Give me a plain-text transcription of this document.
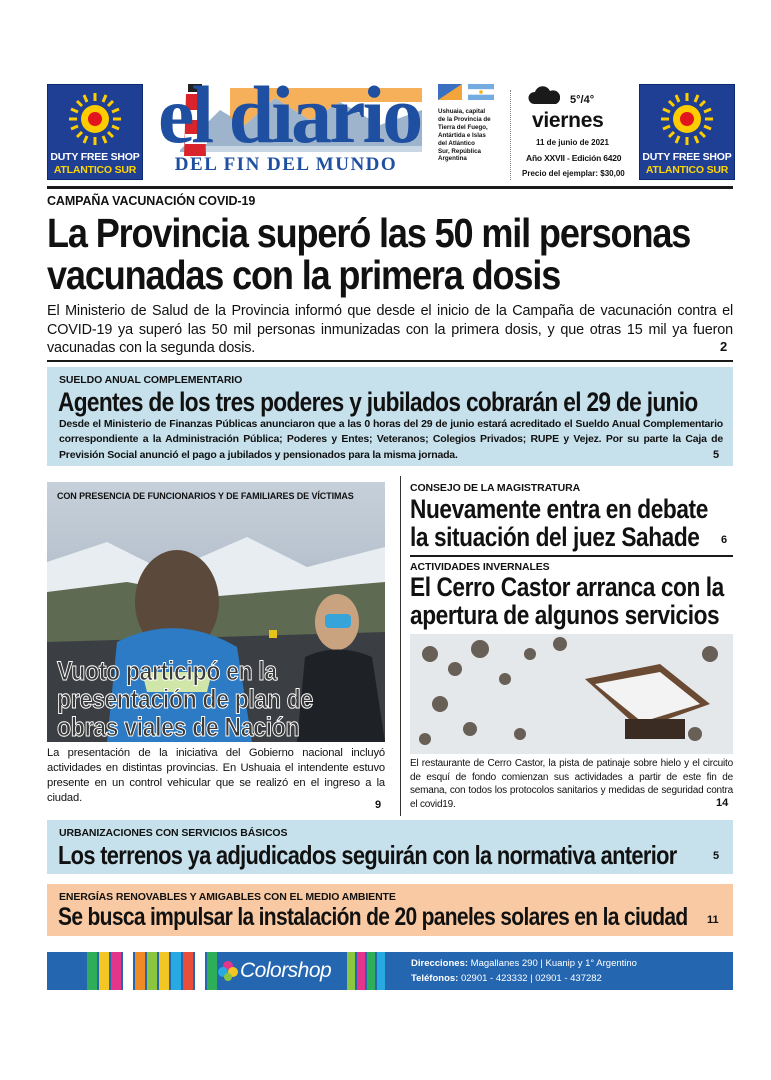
DUTY FREE SHOP
ATLANTICO SUR
el diario
DEL FIN DEL MUNDO
Ushuaia, capital
de la Provincia de
Tierra del Fuego,
Antártida e Islas
del Atlántico
Sur, República
Argentina
5°/4°
viernes
11 de junio de 2021
Año XXVII - Edición 6420
Precio del ejemplar: $30,00
DUTY FREE SHOP
ATLANTICO SUR
CAMPAÑA VACUNACIÓN COVID-19
La Provincia superó las 50 mil personas
vacunadas con la primera dosis
El Ministerio de Salud de la Provincia informó que desde el inicio de la Campaña de vacunación contra el COVID-19 ya superó las 50 mil personas inmunizadas con la primera dosis, y que otras 15 mil ya fueron vacunadas con la segunda dosis.	2
SUELDO ANUAL COMPLEMENTARIO
Agentes de los tres poderes y jubilados cobrarán el 29 de junio
Desde el Ministerio de Finanzas Públicas anunciaron que a las 0 horas del 29 de junio estará acreditado el Sueldo Anual Complementario correspondiente a la Administración Pública; Poderes y Entes; Veteranos; Colegios Privados; RUPE y Vejez. Por su parte la Caja de Previsión Social anunció el pago a jubilados y pensionados para la misma jornada.	5
CON PRESENCIA DE FUNCIONARIOS Y DE FAMILIARES DE VÍCTIMAS
Vuoto participó en la
presentación de plan de
obras viales de Nación
La presentación de la iniciativa del Gobierno nacional incluyó actividades en distintas provincias. En Ushuaia el intendente estuvo presente en un control vehicular que se realizó en el ingreso a la ciudad.
9
CONSEJO DE LA MAGISTRATURA
Nuevamente entra en debate
la situación del juez Sahade 6
ACTIVIDADES INVERNALES
El Cerro Castor arranca con la
apertura de algunos servicios
El restaurante de Cerro Castor, la pista de patinaje sobre hielo y el circuito de esquí de fondo comienzan sus actividades a partir de este fin de semana, con todos los protocolos sanitarios y medidas de seguridad contra el covid19.	14
URBANIZACIONES CON SERVICIOS BÁSICOS
Los terrenos ya adjudicados seguirán con la normativa anterior	5
ENERGÍAS RENOVABLES Y AMIGABLES CON EL MEDIO AMBIENTE
Se busca impulsar la instalación de 20 paneles solares en la ciudad 11
Colorshop	Direcciones: Magallanes 290 | Kuanip y 1° Argentino
Teléfonos: 02901 - 423332 | 02901 - 437282
